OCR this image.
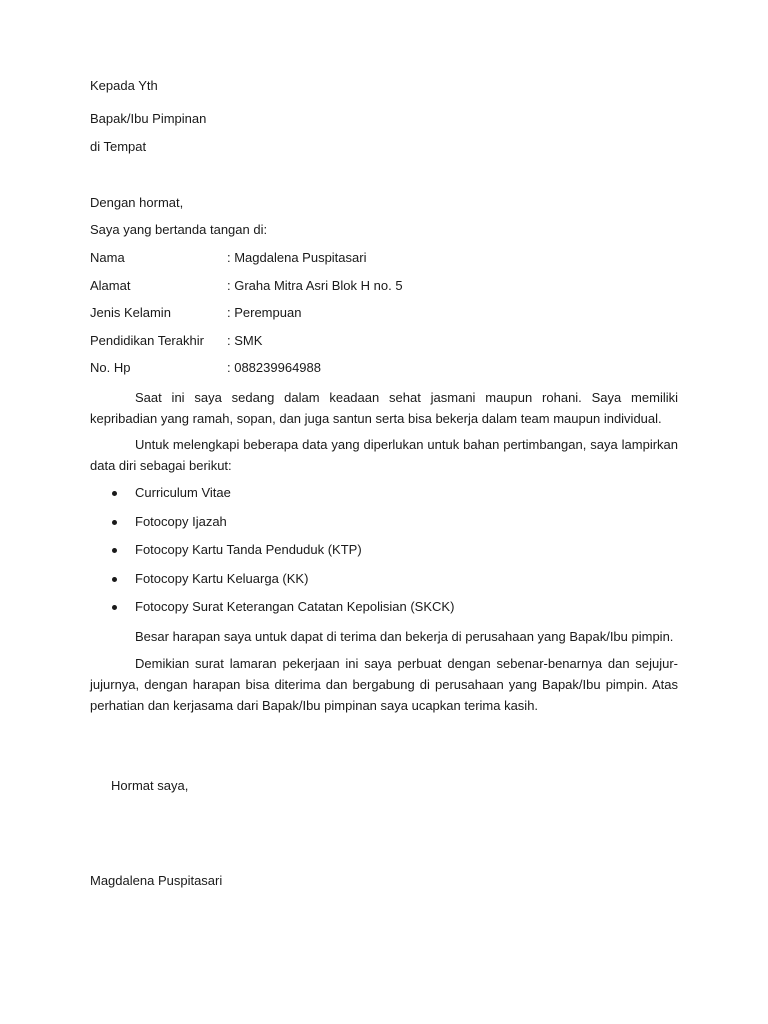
Kepada Yth
Bapak/Ibu Pimpinan
di Tempat
Dengan hormat,
Saya yang bertanda tangan di:
Nama	: Magdalena Puspitasari
Alamat	: Graha Mitra Asri Blok H no. 5
Jenis Kelamin	: Perempuan
Pendidikan Terakhir : SMK
No. Hp	: 088239964988

Saat ini saya sedang dalam keadaan sehat jasmani maupun rohani. Saya memiliki kepribadian yang ramah, sopan, dan juga santun serta bisa bekerja dalam team maupun individual.

Untuk melengkapi beberapa data yang diperlukan untuk bahan pertimbangan, saya lampirkan data diri sebagai berikut:

Curriculum Vitae
Fotocopy Ijazah
Fotocopy Kartu Tanda Penduduk (KTP)
Fotocopy Kartu Keluarga (KK)
Fotocopy Surat Keterangan Catatan Kepolisian (SKCK)

Besar harapan saya untuk dapat di terima dan bekerja di perusahaan yang Bapak/Ibu pimpin.

Demikian surat lamaran pekerjaan ini saya perbuat dengan sebenar-benarnya dan sejujur-jujurnya, dengan harapan bisa diterima dan bergabung di perusahaan yang Bapak/Ibu pimpin. Atas perhatian dan kerjasama dari Bapak/Ibu pimpinan saya ucapkan terima kasih.

Hormat saya,
Magdalena Puspitasari
